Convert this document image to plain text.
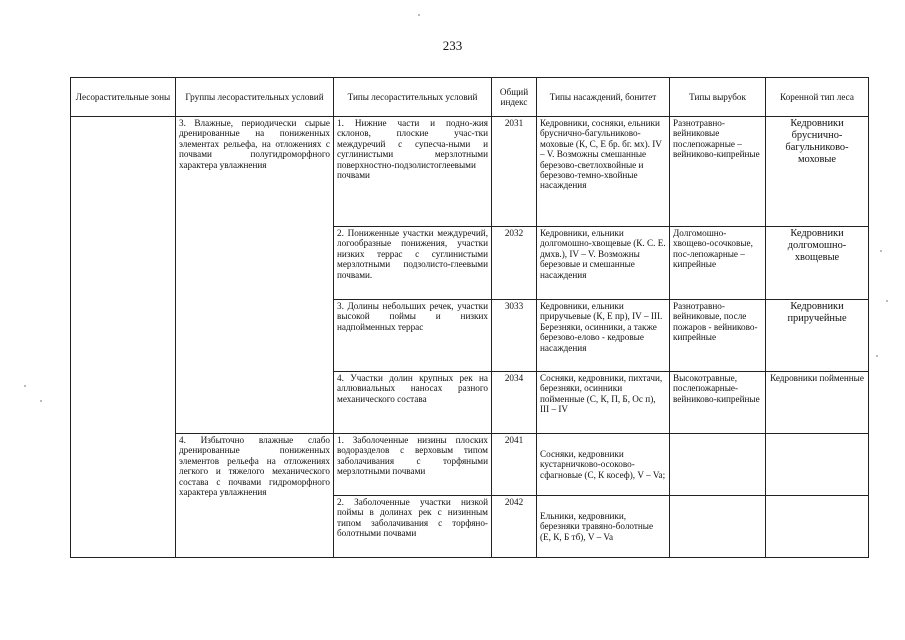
233
Лесорастительные зоны	Группы лесорастительных условий	Типы лесорастительных условий	Общий индекс	Типы насаждений, бонитет	Типы вырубок	Коренной тип леса
	3. Влажные, периодически сырые дренированные на пониженных элементах рельефа, на отложениях с почвами полугидроморфного характера увлажнения	1. Нижние части и подно-жия склонов, плоские учас-тки междуречий с супесча-ными и суглинистыми мерзлотными поверхностно-подзолистоглеевыми почвами	2031	Кедровники, сосняки, ельники бруснично-багульниково-моховые (К, С, Е бр. бг. мх). IV – V. Возможны смешанные березово-светлохвойные и березово-темно-хвойные насаждения	Разнотравно-вейниковые послепожарные – вейниково-кипрейные	Кедровники бруснично-багульниково-моховые
		2. Пониженные участки междуречий, логообразные понижения, участки низких террас с суглинистыми мерзлотными подзолисто-глеевыми почвами.	2032	Кедровники, ельники долгомошно-хвощевые (К. С. Е. дмхв.), IV – V. Возможны березовые и смешанные насаждения	Долгомошно-хвощево-осочковые, пос-лепожарные – кипрейные	Кедровники долгомошно-хвощевые
		3. Долины небольших речек, участки высокой поймы и низких надпойменных террас	3033	Кедровники, ельники приручьевые (К, Е пр), IV – III. Березняки, осинники, а также березово-елово - кедровые насаждения	Разнотравно-вейниковые, после пожаров - вейниково-кипрейные	Кедровники приручейные
		4. Участки долин крупных рек на аллювиальных наносах разного механического состава	2034	Сосняки, кедровники, пихтачи, березняки, осинники пойменные (С, К, П, Б, Ос п), III – IV	Высокотравные, послепожарные-вейниково-кипрейные	Кедровники пойменные
	4. Избыточно влажные слабо дренированные пониженных элементов рельефа на отложениях легкого и тяжелого механического состава с почвами гидроморфного характера увлажнения	1. Заболоченные низины плоских водоразделов с верховым типом заболачивания с торфяными мерзлотными почвами	2041	Сосняки, кедровники кустарничково-осоково-сфагновые (С, К косеф), V – Va;		
		2. Заболоченные участки низкой поймы в долинах рек с низинным типом заболачивания с торфяно-болотными почвами	2042	Ельники, кедровники, березняки травяно-болотные (Е, К, Б тб), V – Va		
